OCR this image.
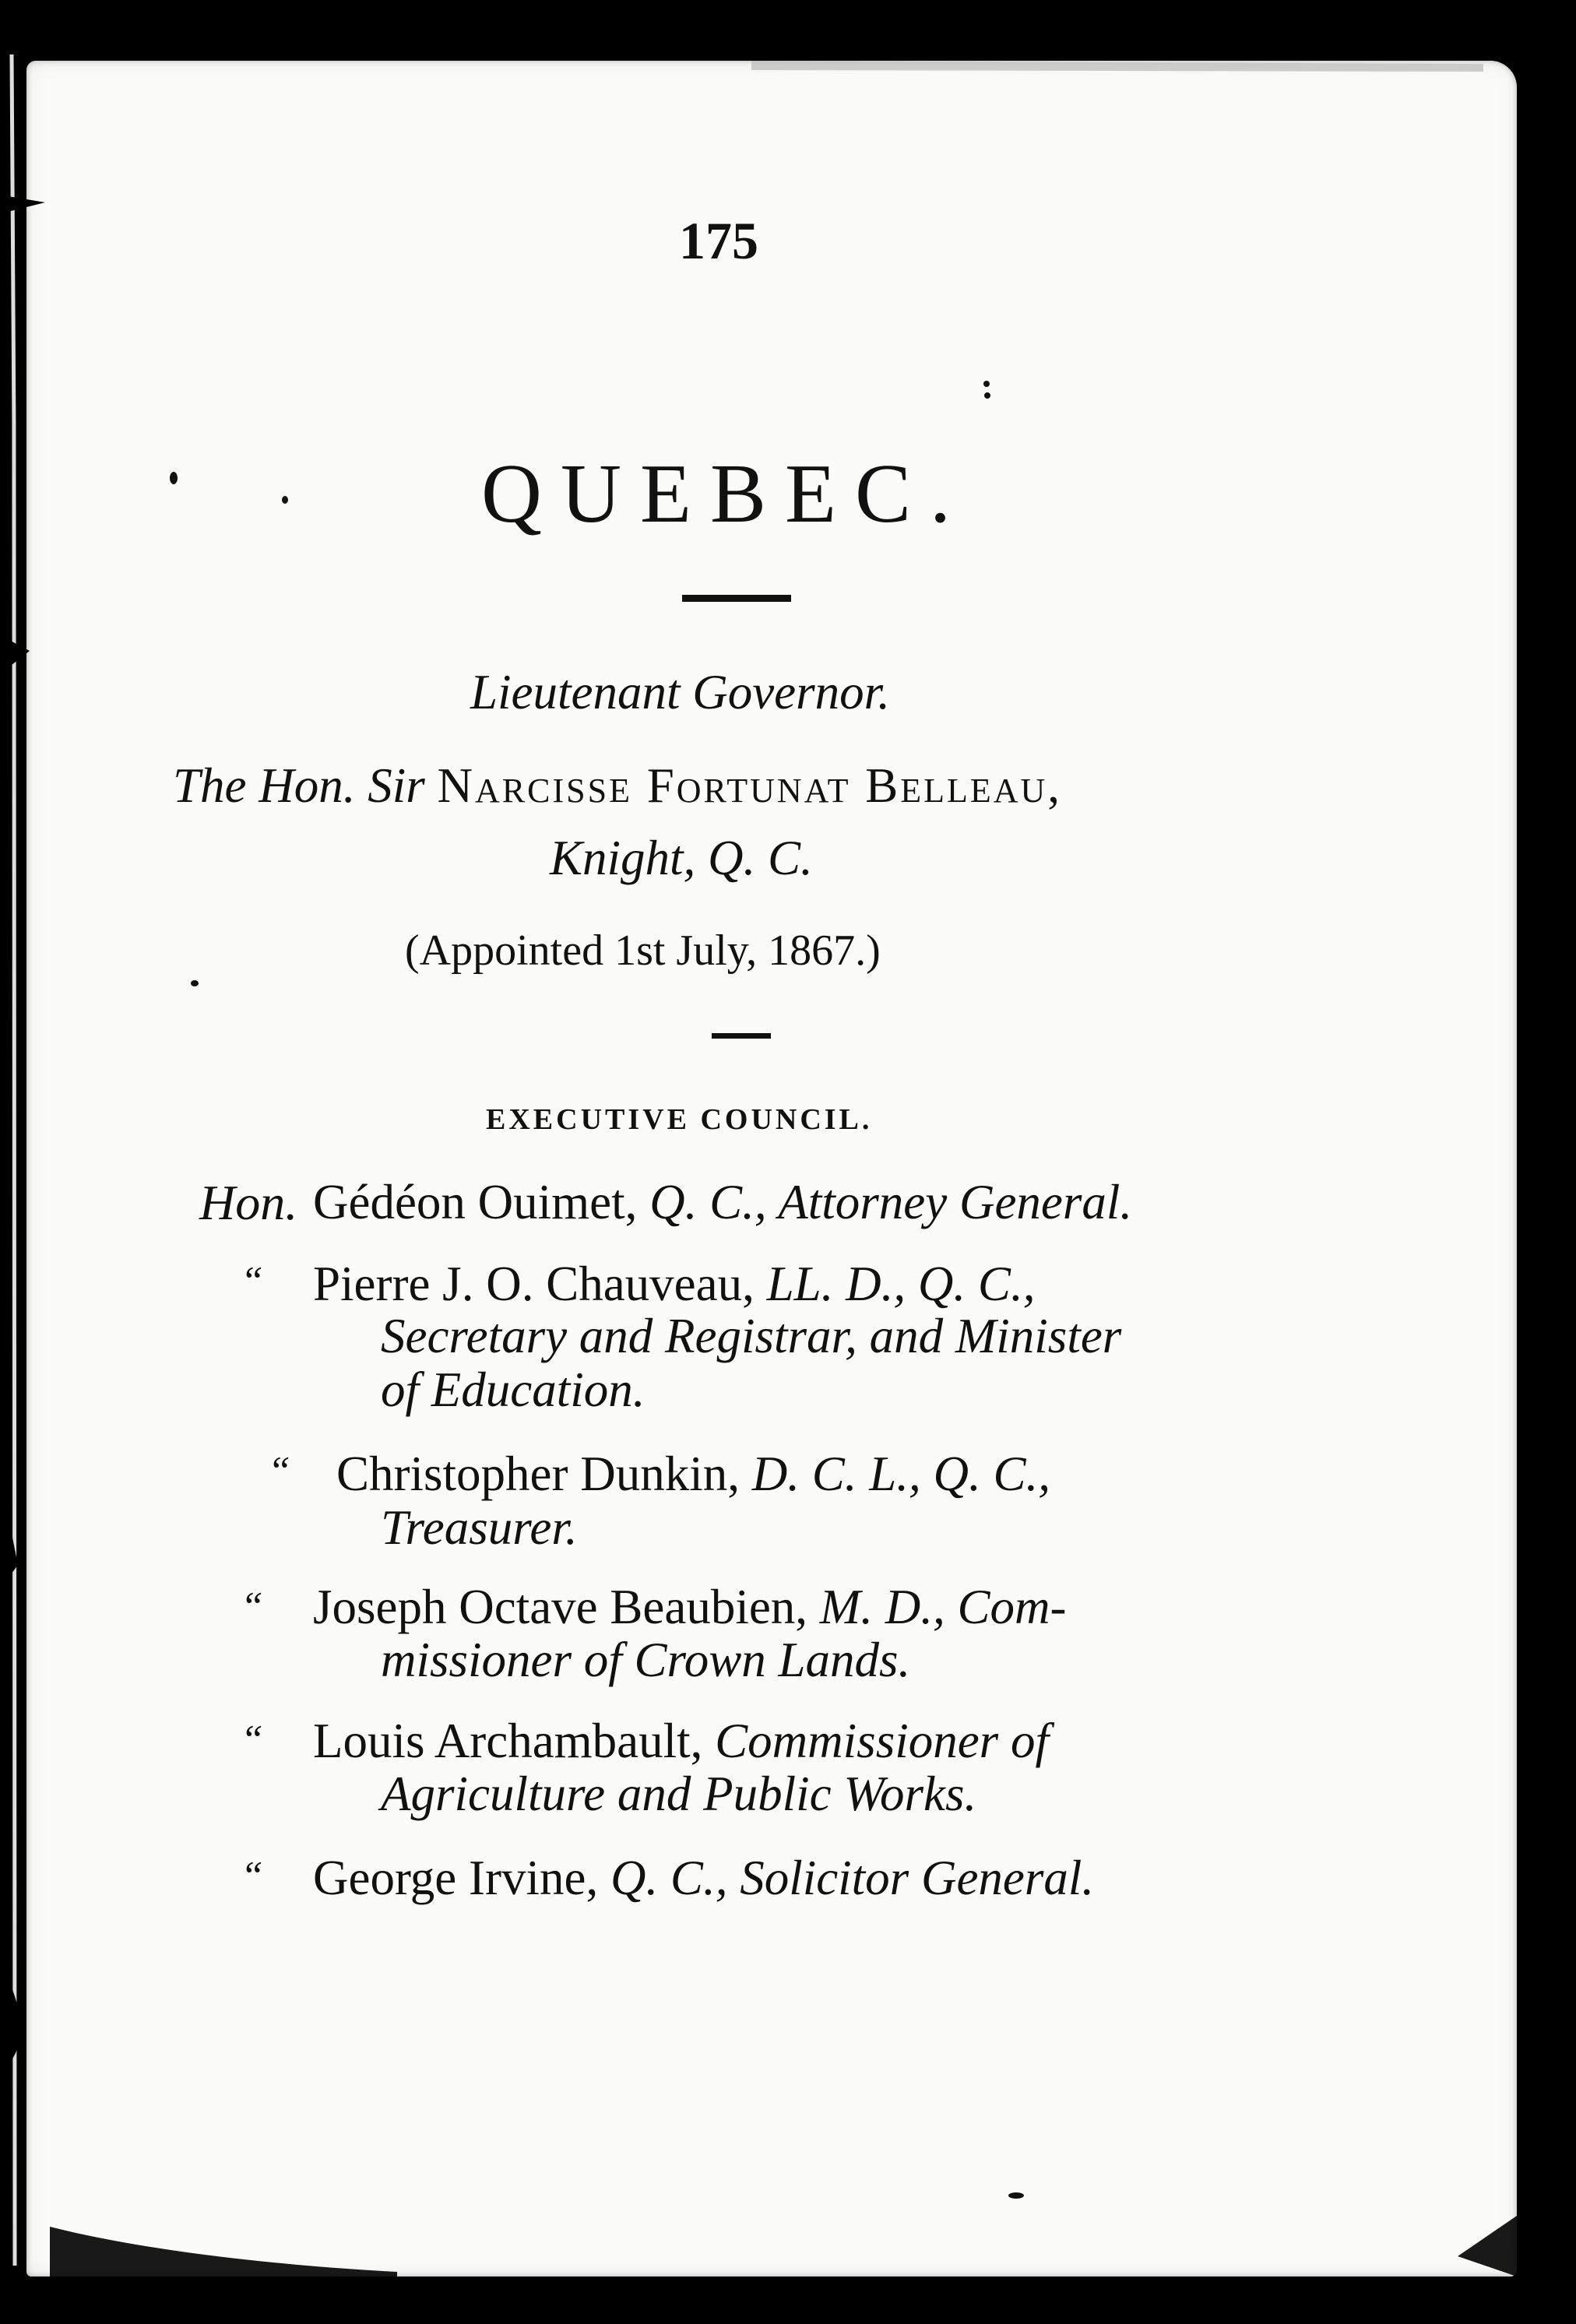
175
QUEBEC.
Lieutenant Governor.
The Hon. Sir Narcisse Fortunat Belleau,
Knight, Q. C.
(Appointed 1st July, 1867.)
EXECUTIVE COUNCIL.
Hon. Gédéon Ouimet, Q. C., Attorney General.
“ Pierre J. O. Chauveau, LL. D., Q. C.,
Secretary and Registrar, and Minister
of Education.
“ Christopher Dunkin, D. C. L., Q. C.,
Treasurer.
“ Joseph Octave Beaubien, M. D., Com-
missioner of Crown Lands.
“ Louis Archambault, Commissioner of
Agriculture and Public Works.
“ George Irvine, Q. C., Solicitor General.
